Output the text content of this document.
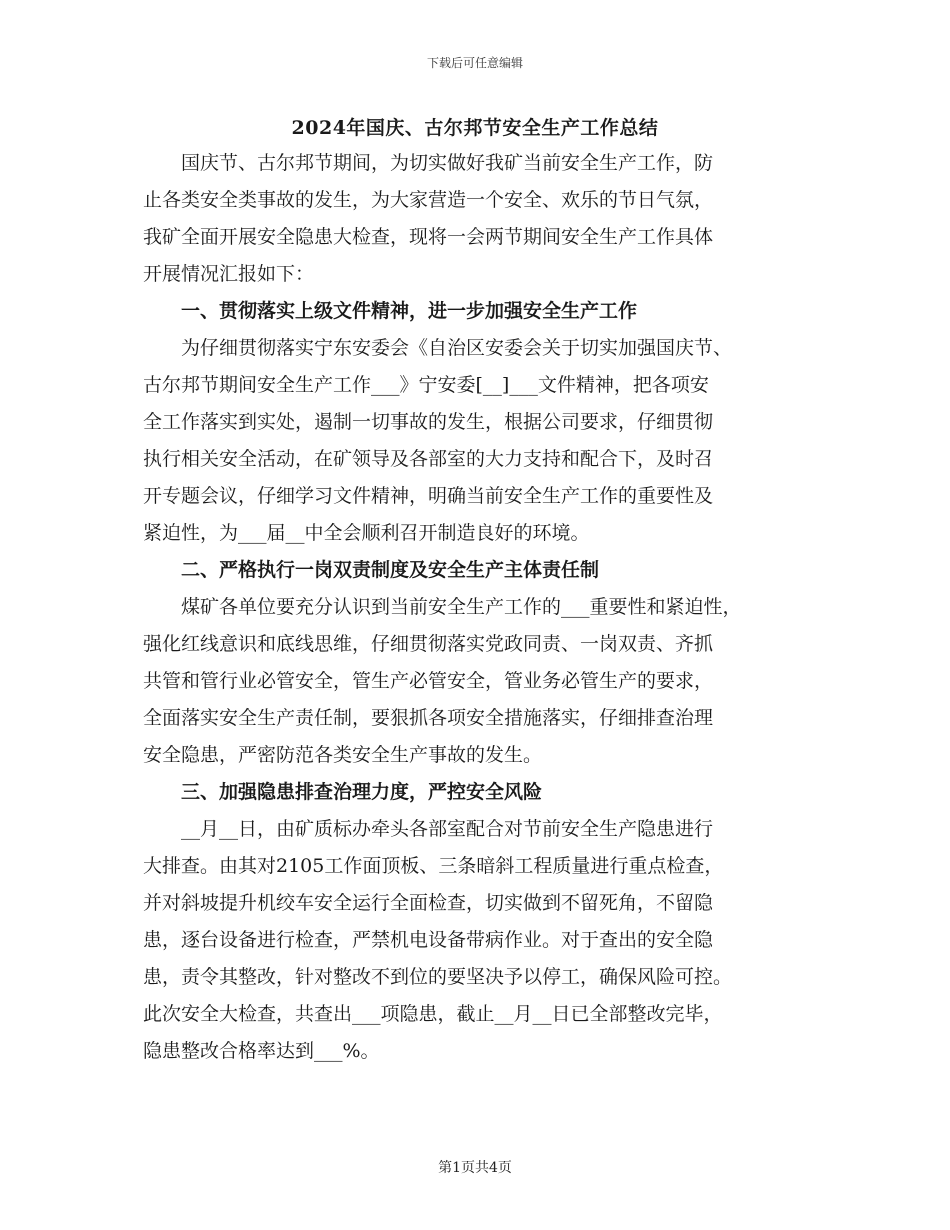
下载后可任意编辑
2024年国庆、古尔邦节安全生产工作总结
国庆节、古尔邦节期间，为切实做好我矿当前安全生产工作，防
止各类安全类事故的发生，为大家营造一个安全、欢乐的节日气氛，
我矿全面开展安全隐患大检查，现将一会两节期间安全生产工作具体
开展情况汇报如下：
一、贯彻落实上级文件精神，进一步加强安全生产工作
为仔细贯彻落实宁东安委会《自治区安委会关于切实加强国庆节、
古尔邦节期间安全生产工作___》宁安委[__]___文件精神，把各项安
全工作落实到实处，遏制一切事故的发生，根据公司要求，仔细贯彻
执行相关安全活动，在矿领导及各部室的大力支持和配合下，及时召
开专题会议，仔细学习文件精神，明确当前安全生产工作的重要性及
紧迫性，为___届__中全会顺利召开制造良好的环境。
二、严格执行一岗双责制度及安全生产主体责任制
煤矿各单位要充分认识到当前安全生产工作的___重要性和紧迫性，
强化红线意识和底线思维，仔细贯彻落实党政同责、一岗双责、齐抓
共管和管行业必管安全，管生产必管安全，管业务必管生产的要求，
全面落实安全生产责任制，要狠抓各项安全措施落实，仔细排查治理
安全隐患，严密防范各类安全生产事故的发生。
三、加强隐患排查治理力度，严控安全风险
__月__日，由矿质标办牵头各部室配合对节前安全生产隐患进行
大排查。由其对2105工作面顶板、三条暗斜工程质量进行重点检查，
并对斜坡提升机绞车安全运行全面检查，切实做到不留死角，不留隐
患，逐台设备进行检查，严禁机电设备带病作业。对于查出的安全隐
患，责令其整改，针对整改不到位的要坚决予以停工，确保风险可控。
此次安全大检查，共查出___项隐患，截止__月__日已全部整改完毕，
隐患整改合格率达到___%。
第1页共4页
